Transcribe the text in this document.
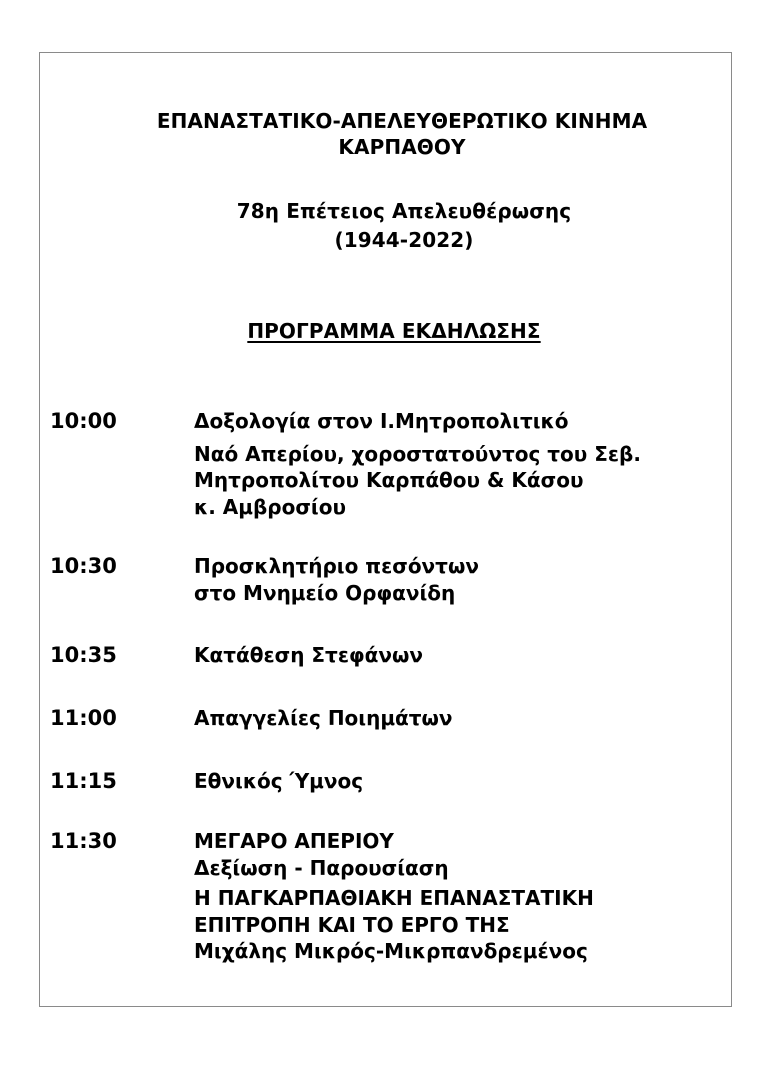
ΕΠΑΝΑΣΤΑΤΙΚΟ-ΑΠΕΛΕΥΘΕΡΩΤΙΚΟ ΚΙΝΗΜΑ
ΚΑΡΠΑΘΟΥ
78η Επέτειος Απελευθέρωσης
(1944-2022)
ΠΡΟΓΡΑΜΜΑ ΕΚΔΗΛΩΣΗΣ
10:00	Δοξολογία στον Ι.Μητροπολιτικό
Ναό Απερίου, χοροστατούντος του Σεβ.
Μητροπολίτου Καρπάθου & Κάσου
κ. Αμβροσίου
10:30	Προσκλητήριο πεσόντων
στο Μνημείο Ορφανίδη
10:35	Κατάθεση Στεφάνων
11:00	Απαγγελίες Ποιημάτων
11:15	Εθνικός Ύμνος
11:30	ΜΕΓΑΡΟ ΑΠΕΡΙΟΥ
Δεξίωση - Παρουσίαση
Η ΠΑΓΚΑΡΠΑΘΙΑΚΗ ΕΠΑΝΑΣΤΑΤΙΚΗ
ΕΠΙΤΡΟΠΗ ΚΑΙ ΤΟ ΕΡΓΟ ΤΗΣ
Μιχάλης Μικρός-Μικρπανδρεμένος
